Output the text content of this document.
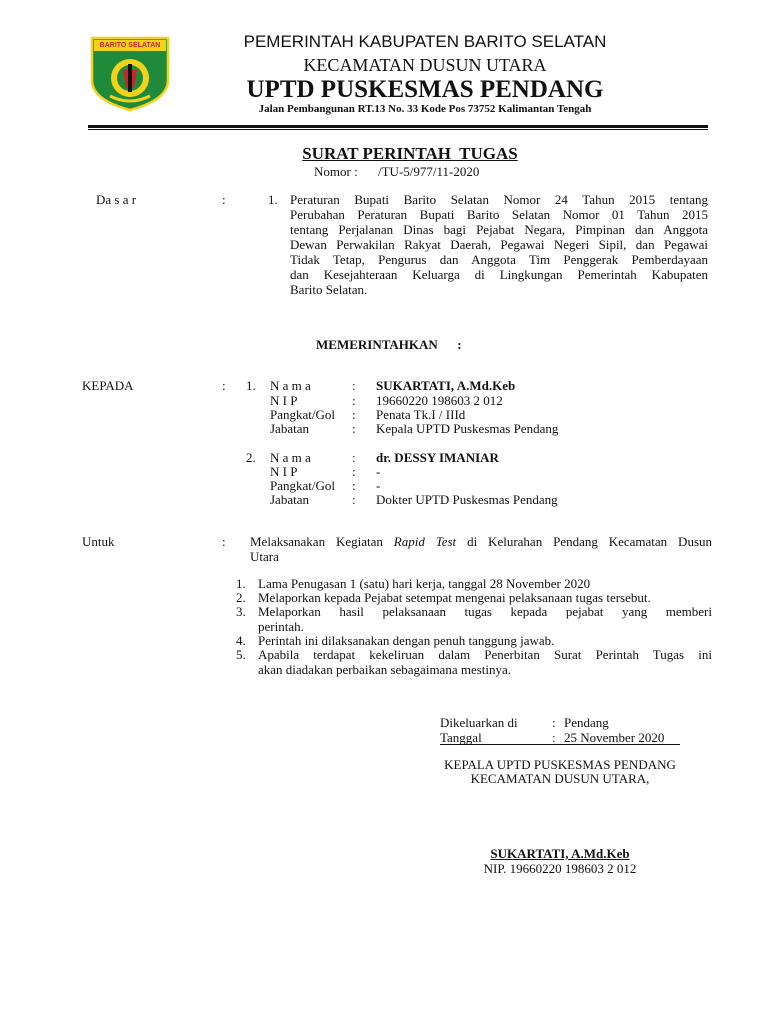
BARITO SELATAN	PEMERINTAH KABUPATEN BARITO SELATAN
KECAMATAN DUSUN UTARA
UPTD PUSKESMAS PENDANG
Jalan Pembangunan RT.13 No. 33 Kode Pos 73752 Kalimantan Tengah
SURAT PERINTAH  TUGAS
Nomor : /TU-5/977/11-2020
Da s a r	:	1. Peraturan Bupati Barito Selatan Nomor 24 Tahun 2015 tentang
Perubahan Peraturan Bupati Barito Selatan Nomor 01 Tahun 2015
tentang Perjalanan Dinas bagi Pejabat Negara, Pimpinan dan Anggota
Dewan Perwakilan Rakyat Daerah, Pegawai Negeri Sipil, dan Pegawai
Tidak Tetap, Pengurus dan Anggota Tim Penggerak Pemberdayaan
dan Kesejahteraan Keluarga di Lingkungan Pemerintah Kabupaten
Barito Selatan.
MEMERINTAHKAN      :
KEPADA	: 1. N a m a	: SUKARTATI, A.Md.Keb
N I P	: 19660220 198603 2 012
Pangkat/Gol : Penata Tk.I / IIId
Jabatan	: Kepala UPTD Puskesmas Pendang
2. N a m a	: dr. DESSY IMANIAR
N I P	: -
Pangkat/Gol : -
Jabatan	: Dokter UPTD Puskesmas Pendang
Untuk	: Melaksanakan Kegiatan Rapid Test di Kelurahan Pendang Kecamatan Dusun
Utara
1. Lama Penugasan 1 (satu) hari kerja, tanggal 28 November 2020
2. Melaporkan kepada Pejabat setempat mengenai pelaksanaan tugas tersebut.
3. Melaporkan hasil pelaksanaan tugas kepada pejabat yang memberi
perintah.
4. Perintah ini dilaksanakan dengan penuh tanggung jawab.
5. Apabila terdapat kekeliruan dalam Penerbitan Surat Perintah Tugas ini
akan diadakan perbaikan sebagaimana mestinya.
Dikeluarkan di	: Pendang
Tanggal	: 25 November 2020
KEPALA UPTD PUSKESMAS PENDANG
KECAMATAN DUSUN UTARA,
SUKARTATI, A.Md.Keb
NIP. 19660220 198603 2 012
